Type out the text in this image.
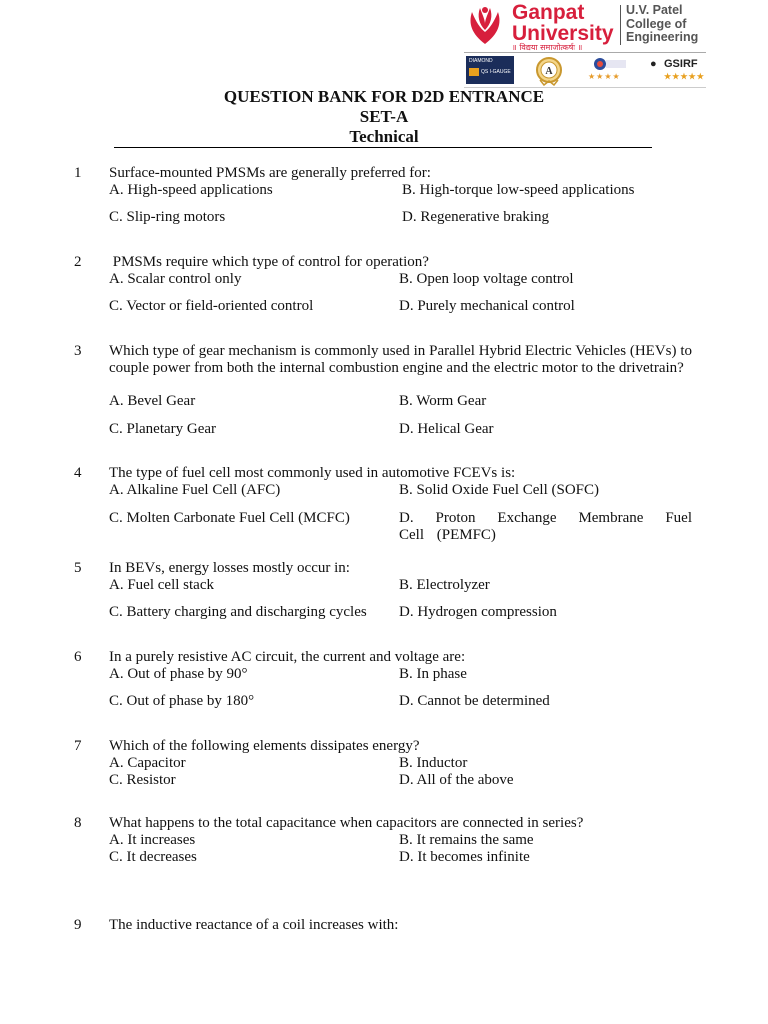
Ganpat
University
॥ विद्यया समाजोत्कर्षः ॥
U.V. Patel
College of
Engineering
DIAMOND
QS I-GAUGE	A	★★★★
● GSIRF
★★★★★
QUESTION BANK FOR D2D ENTRANCE
SET-A
Technical
1 Surface-mounted PMSMs are generally preferred for:
A. High-speed applications	B. High-torque low-speed applications
C. Slip-ring motors	D. Regenerative braking
2 PMSMs require which type of control for operation?
A. Scalar control only	B. Open loop voltage control
C. Vector or field-oriented control	D. Purely mechanical control
3 Which type of gear mechanism is commonly used in Parallel Hybrid Electric Vehicles (HEVs) to couple power from both the internal combustion engine and the electric motor to the drivetrain?
A. Bevel Gear	B. Worm Gear
C. Planetary Gear	D. Helical Gear
4 The type of fuel cell most commonly used in automotive FCEVs is:
A. Alkaline Fuel Cell (AFC)	B. Solid Oxide Fuel Cell (SOFC)
C. Molten Carbonate Fuel Cell (MCFC)	D. Proton Exchange Membrane Fuel Cell (PEMFC)
5 In BEVs, energy losses mostly occur in:
A. Fuel cell stack	B. Electrolyzer
C. Battery charging and discharging cycles	D. Hydrogen compression
6 In a purely resistive AC circuit, the current and voltage are:
A. Out of phase by 90°	B. In phase
C. Out of phase by 180°	D. Cannot be determined
7 Which of the following elements dissipates energy?
A. Capacitor	B. Inductor
C. Resistor	D. All of the above
8 What happens to the total capacitance when capacitors are connected in series?
A. It increases	B. It remains the same
C. It decreases	D. It becomes infinite
9 The inductive reactance of a coil increases with:
